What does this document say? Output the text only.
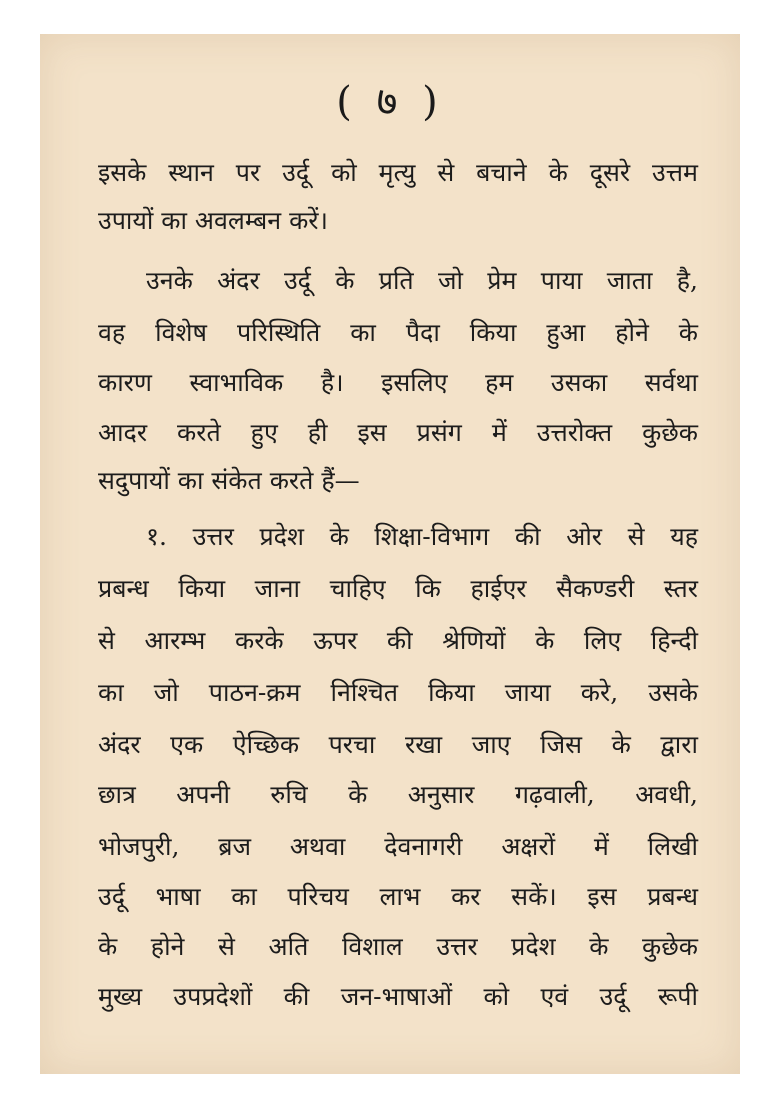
( ७ )
इसके स्थान पर उर्दू को मृत्यु से बचाने के दूसरे उत्तम
उपायों का अवलम्बन करें।
उनके अंदर उर्दू के प्रति जो प्रेम पाया जाता है,
वह विशेष परिस्थिति का पैदा किया हुआ होने के
कारण स्वाभाविक है। इसलिए हम उसका सर्वथा
आदर करते हुए ही इस प्रसंग में उत्तरोक्त कुछेक
सदुपायों का संकेत करते हैं—
१. उत्तर प्रदेश के शिक्षा-विभाग की ओर से यह
प्रबन्ध किया जाना चाहिए कि हाईएर सैकण्डरी स्तर
से आरम्भ करके ऊपर की श्रेणियों के लिए हिन्दी
का जो पाठन-क्रम निश्चित किया जाया करे, उसके
अंदर एक ऐच्छिक परचा रखा जाए जिस के द्वारा
छात्र अपनी रुचि के अनुसार गढ़वाली, अवधी,
भोजपुरी, ब्रज अथवा देवनागरी अक्षरों में लिखी
उर्दू भाषा का परिचय लाभ कर सकें। इस प्रबन्ध
के होने से अति विशाल उत्तर प्रदेश के कुछेक
मुख्य उपप्रदेशों की जन-भाषाओं को एवं उर्दू रूपी
